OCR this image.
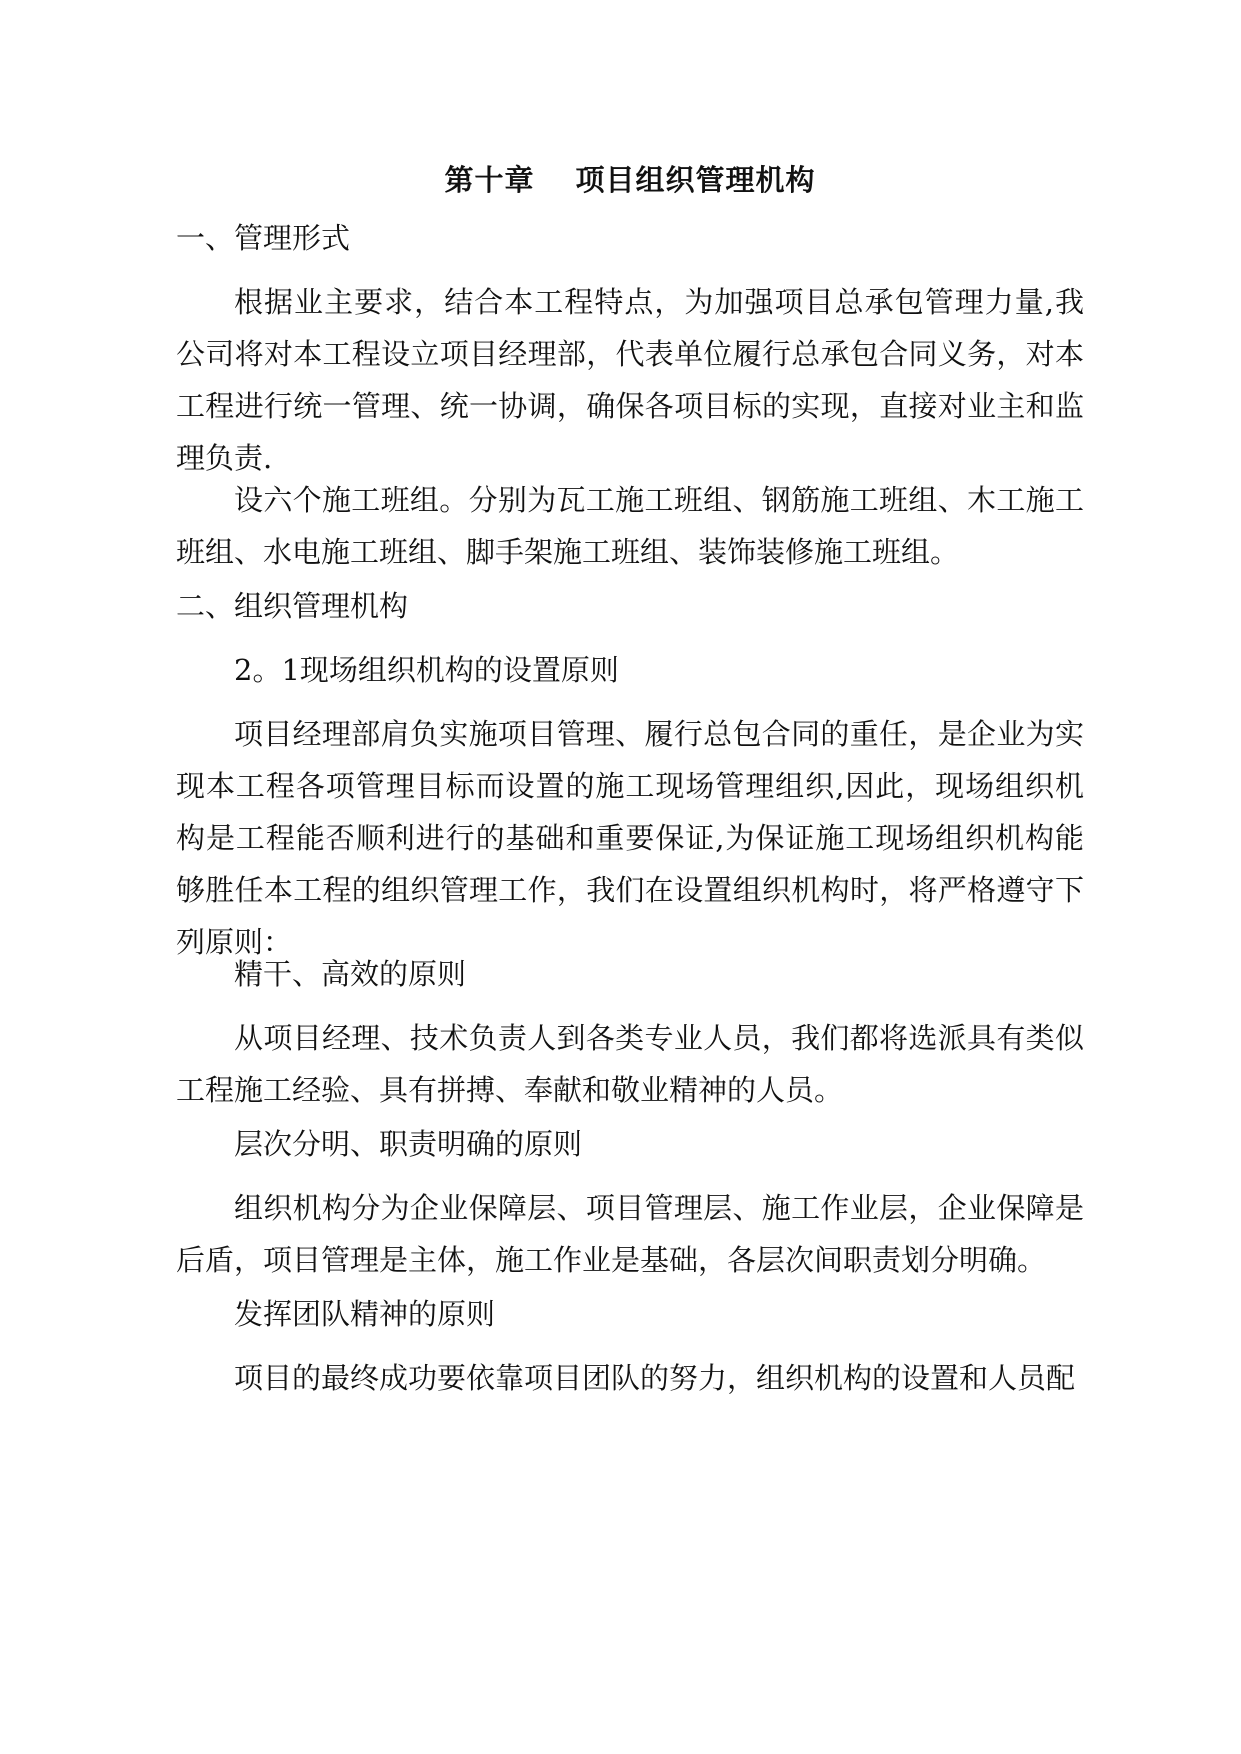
第十章　 项目组织管理机构

一、管理形式

根据业主要求，结合本工程特点，为加强项目总承包管理力量,我公司将对本工程设立项目经理部，代表单位履行总承包合同义务，对本工程进行统一管理、统一协调，确保各项目标的实现，直接对业主和监理负责.

设六个施工班组。分别为瓦工施工班组、钢筋施工班组、木工施工班组、水电施工班组、脚手架施工班组、装饰装修施工班组。

二、组织管理机构

2。1现场组织机构的设置原则

项目经理部肩负实施项目管理、履行总包合同的重任，是企业为实现本工程各项管理目标而设置的施工现场管理组织,因此，现场组织机构是工程能否顺利进行的基础和重要保证,为保证施工现场组织机构能够胜任本工程的组织管理工作，我们在设置组织机构时，将严格遵守下列原则：

精干、高效的原则

从项目经理、技术负责人到各类专业人员，我们都将选派具有类似工程施工经验、具有拼搏、奉献和敬业精神的人员。

层次分明、职责明确的原则

组织机构分为企业保障层、项目管理层、施工作业层，企业保障是后盾，项目管理是主体，施工作业是基础，各层次间职责划分明确。

发挥团队精神的原则

项目的最终成功要依靠项目团队的努力，组织机构的设置和人员配
